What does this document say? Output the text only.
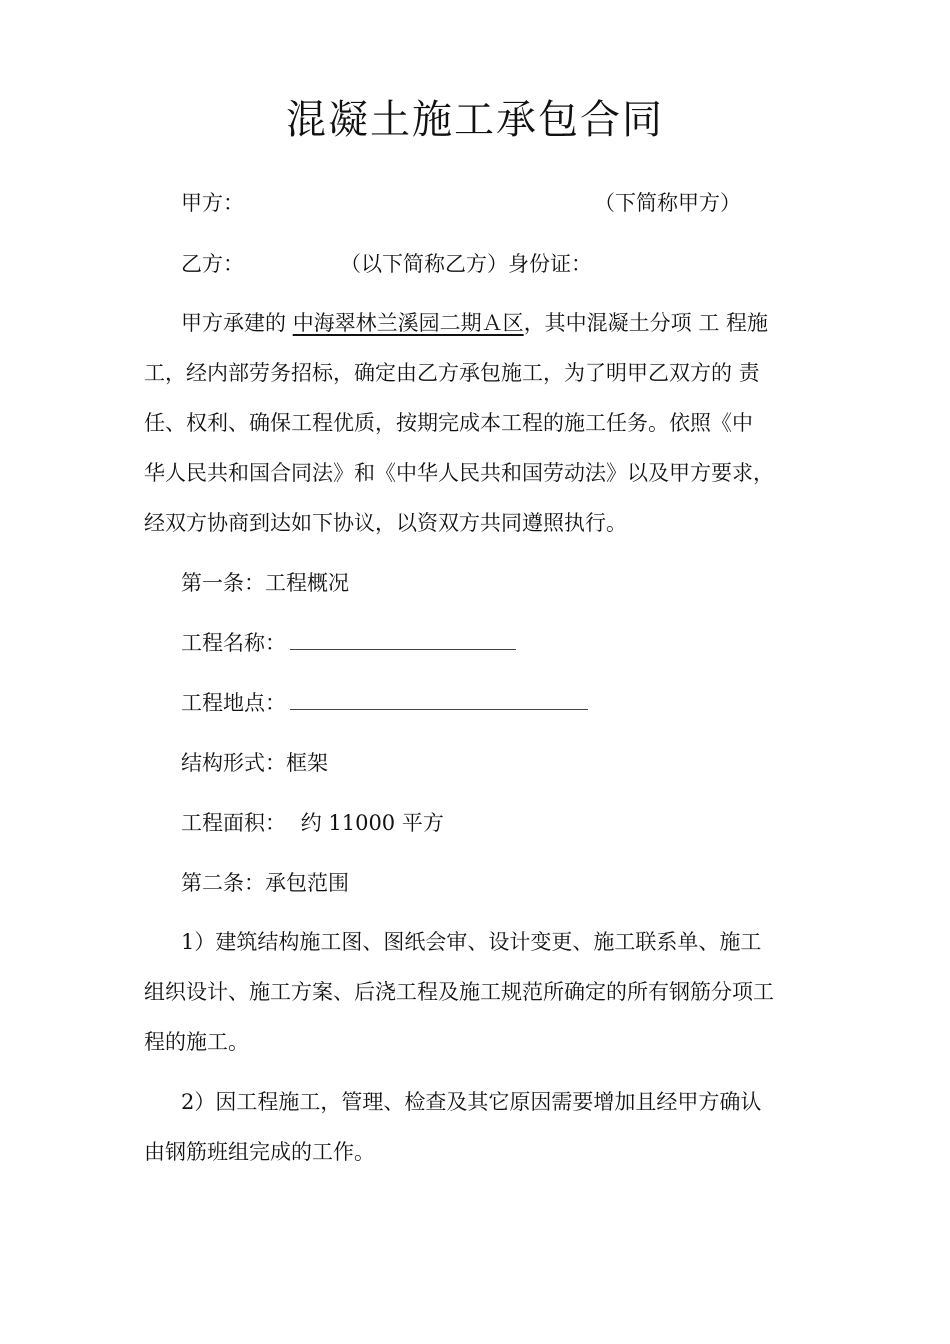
混凝土施工承包合同
甲方：	（下简称甲方）
乙方：	（以下简称乙方）身份证：
甲方承建的 中海翠林兰溪园二期Ａ区，其中混凝土分项 工 程施
工，经内部劳务招标，确定由乙方承包施工，为了明甲乙双方的 责
任、权利、确保工程优质，按期完成本工程的施工任务。依照《中
华人民共和国合同法》和《中华人民共和国劳动法》以及甲方要求，
经双方协商到达如下协议，以资双方共同遵照执行。
第一条：工程概况
工程名称：
工程地点：
结构形式：框架
工程面积： 约 11000 平方
第二条：承包范围
1）建筑结构施工图、图纸会审、设计变更、施工联系单、施工
组织设计、施工方案、后浇工程及施工规范所确定的所有钢筋分项工
程的施工。
2）因工程施工，管理、检查及其它原因需要增加且经甲方确认
由钢筋班组完成的工作。
